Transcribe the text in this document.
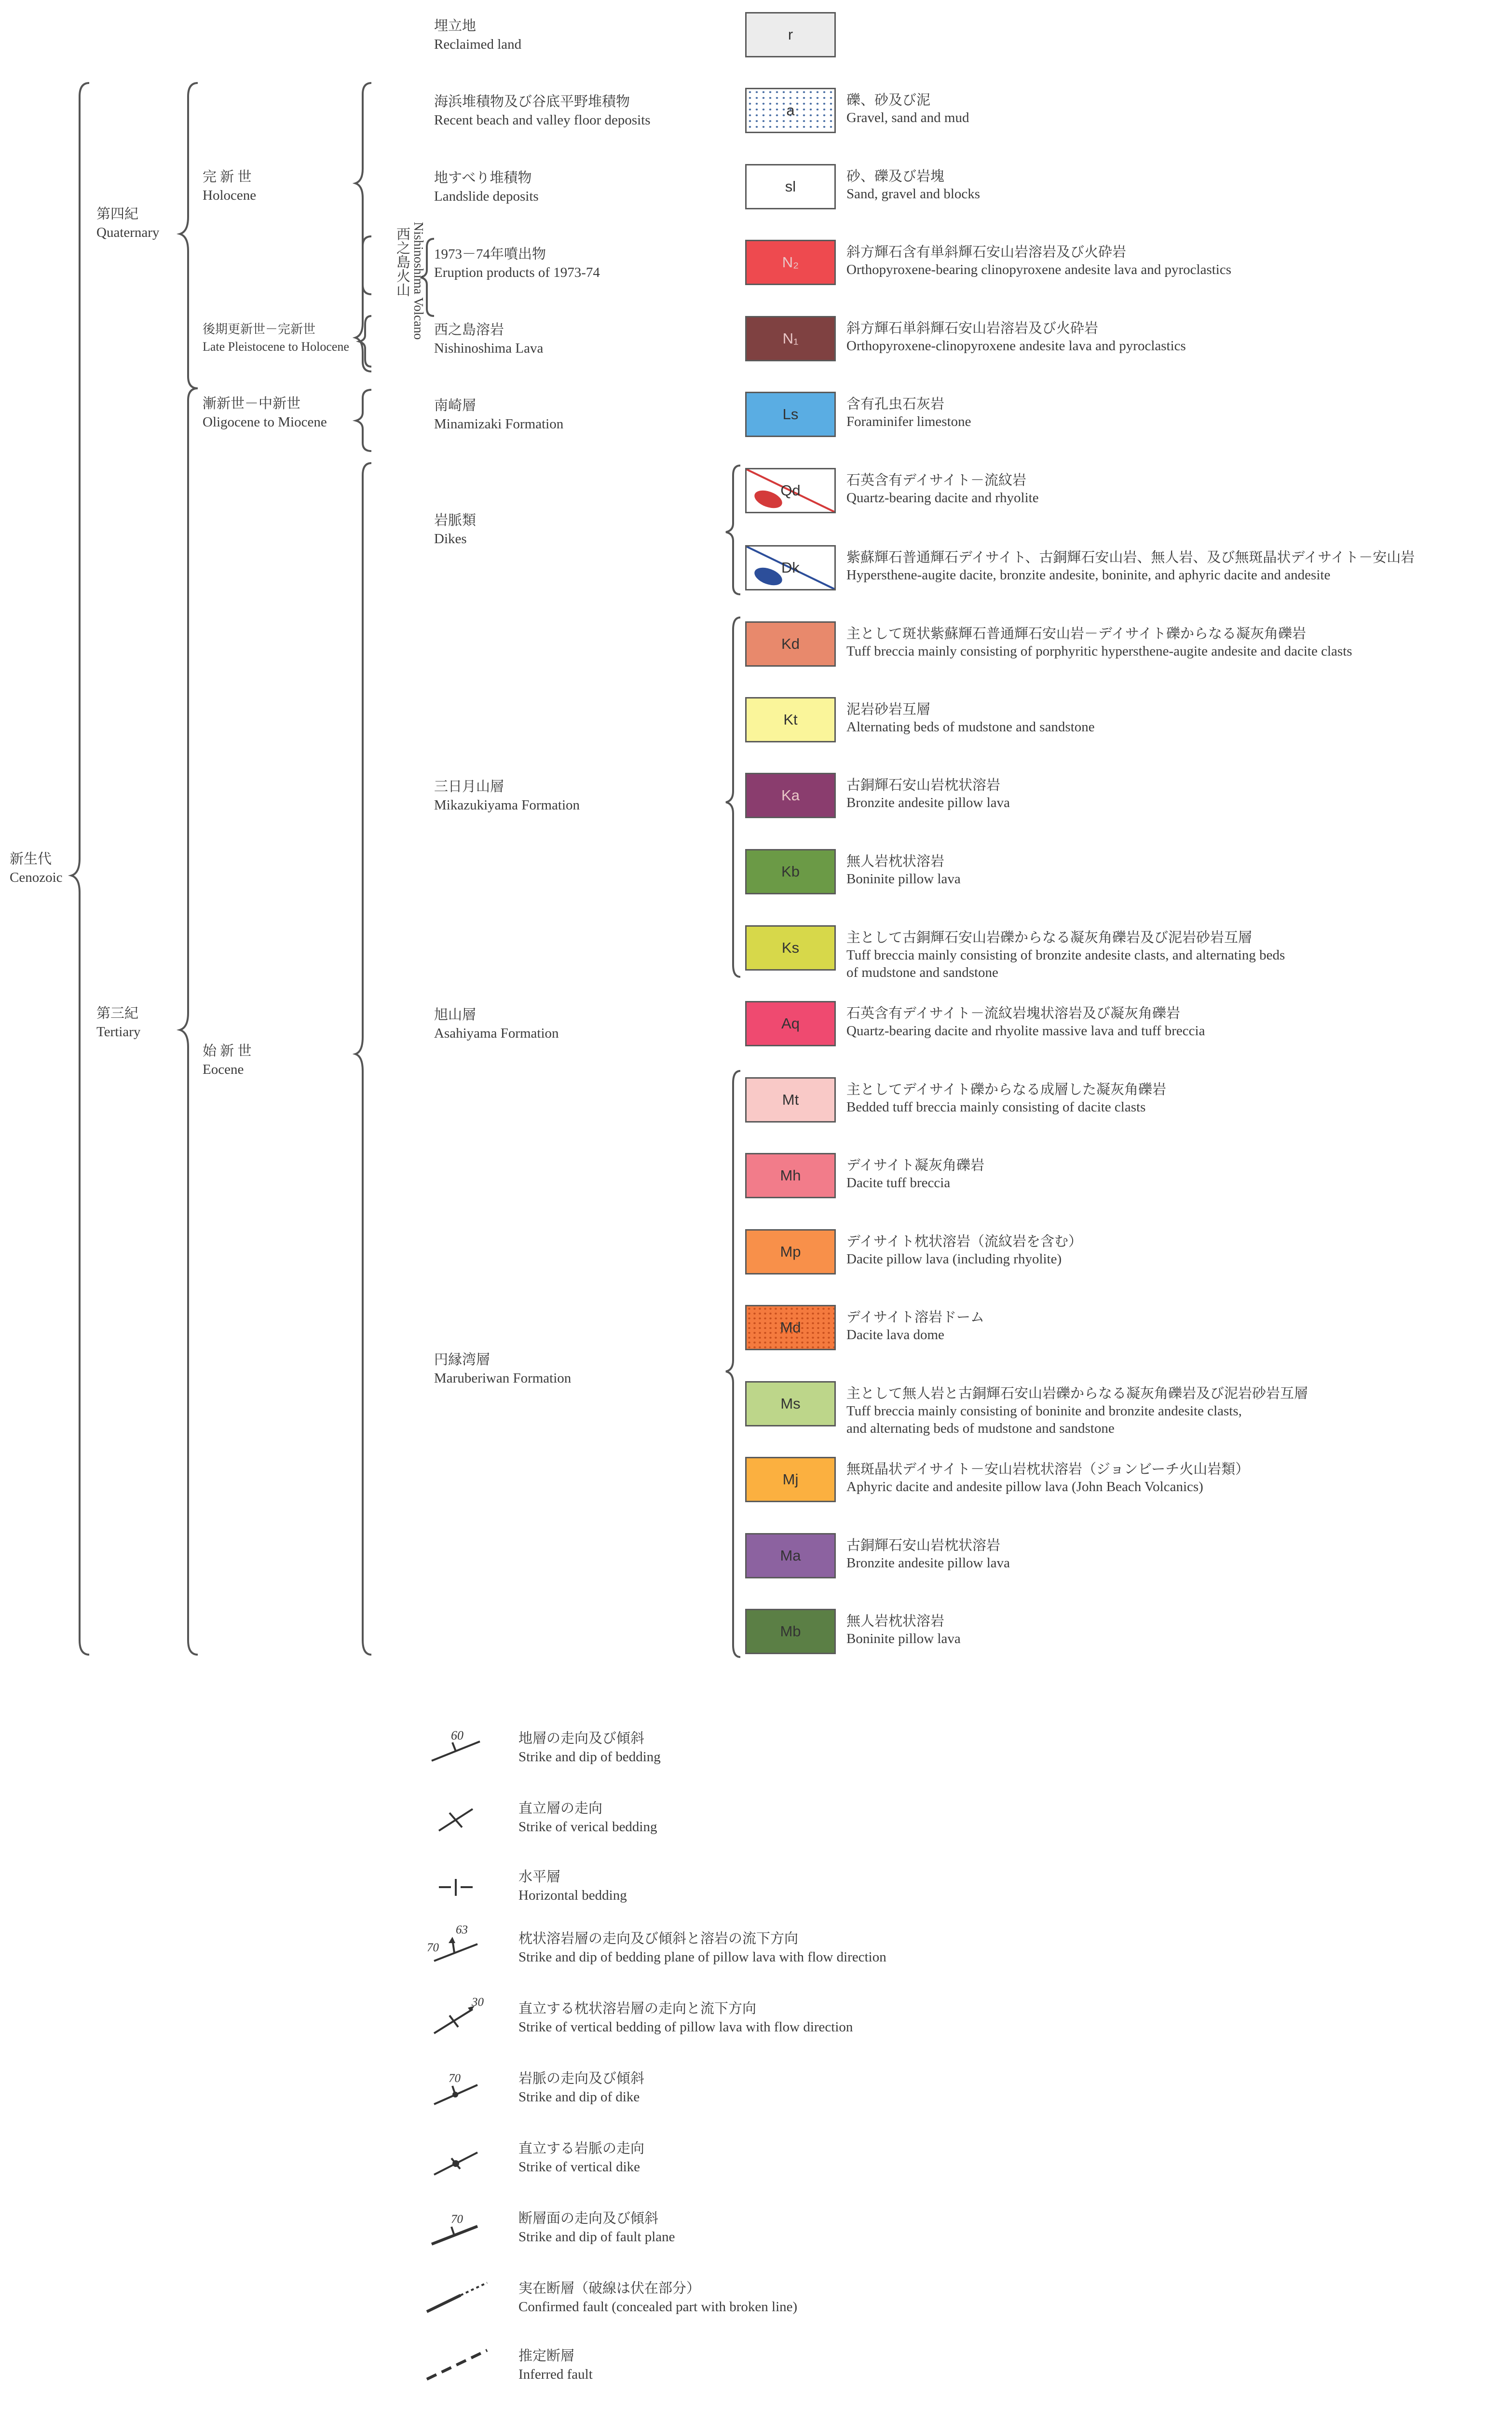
新生代
Cenozoic
第四紀
Quaternary
第三紀
Tertiary
完 新 世
Holocene
後期更新世－完新世
Late Pleistocene to Holocene
漸新世－中新世
Oligocene to Miocene
始 新 世
Eocene
西之島火山 Nishinoshima Volcano
埋立地
Reclaimed land
海浜堆積物及び谷底平野堆積物
Recent beach and valley floor deposits
地すべり堆積物
Landslide deposits
1973－74年噴出物
Eruption products of 1973-74
西之島溶岩
Nishinoshima Lava
南崎層
Minamizaki Formation
岩脈類
Dikes
三日月山層
Mikazukiyama Formation
旭山層
Asahiyama Formation
円縁湾層
Maruberiwan Formation
r
a
礫、砂及び泥
Gravel, sand and mud
sl
砂、礫及び岩塊
Sand, gravel and blocks
N₂
斜方輝石含有単斜輝石安山岩溶岩及び火砕岩
Orthopyroxene-bearing clinopyroxene andesite lava and pyroclastics
N₁
斜方輝石単斜輝石安山岩溶岩及び火砕岩
Orthopyroxene-clinopyroxene andesite lava and pyroclastics
Ls
含有孔虫石灰岩
Foraminifer limestone
Qd
石英含有デイサイト－流紋岩
Quartz-bearing dacite and rhyolite
Dk
紫蘇輝石普通輝石デイサイト、古銅輝石安山岩、無人岩、及び無斑晶状デイサイト－安山岩
Hypersthene-augite dacite, bronzite andesite, boninite, and aphyric dacite and andesite
Kd
主として斑状紫蘇輝石普通輝石安山岩－デイサイト礫からなる凝灰角礫岩
Tuff breccia mainly consisting of porphyritic hypersthene-augite andesite and dacite clasts
Kt
泥岩砂岩互層
Alternating beds of mudstone and sandstone
Ka
古銅輝石安山岩枕状溶岩
Bronzite andesite pillow lava
Kb
無人岩枕状溶岩
Boninite pillow lava
Ks
主として古銅輝石安山岩礫からなる凝灰角礫岩及び泥岩砂岩互層
Tuff breccia mainly consisting of bronzite andesite clasts, and alternating beds
of mudstone and sandstone
Aq
石英含有デイサイト－流紋岩塊状溶岩及び凝灰角礫岩
Quartz-bearing dacite and rhyolite massive lava and tuff breccia
Mt
主としてデイサイト礫からなる成層した凝灰角礫岩
Bedded tuff breccia mainly consisting of dacite clasts
Mh
デイサイト凝灰角礫岩
Dacite tuff breccia
Mp
デイサイト枕状溶岩（流紋岩を含む）
Dacite pillow lava (including rhyolite)
Md
デイサイト溶岩ドーム
Dacite lava dome
Ms
主として無人岩と古銅輝石安山岩礫からなる凝灰角礫岩及び泥岩砂岩互層
Tuff breccia mainly consisting of boninite and bronzite andesite clasts,
and alternating beds of mudstone and sandstone
Mj
無斑晶状デイサイト－安山岩枕状溶岩（ジョンビーチ火山岩類）
Aphyric dacite and andesite pillow lava (John Beach Volcanics)
Ma
古銅輝石安山岩枕状溶岩
Bronzite andesite pillow lava
Mb
無人岩枕状溶岩
Boninite pillow lava
60
63
70
30
70
70
地層の走向及び傾斜
Strike and dip of bedding
直立層の走向
Strike of verical bedding
水平層
Horizontal bedding
枕状溶岩層の走向及び傾斜と溶岩の流下方向
Strike and dip of bedding plane of pillow lava with flow direction
直立する枕状溶岩層の走向と流下方向
Strike of vertical bedding of pillow lava with flow direction
岩脈の走向及び傾斜
Strike and dip of dike
直立する岩脈の走向
Strike of vertical dike
断層面の走向及び傾斜
Strike and dip of fault plane
実在断層（破線は伏在部分）
Confirmed fault (concealed part with broken line)
推定断層
Inferred fault
